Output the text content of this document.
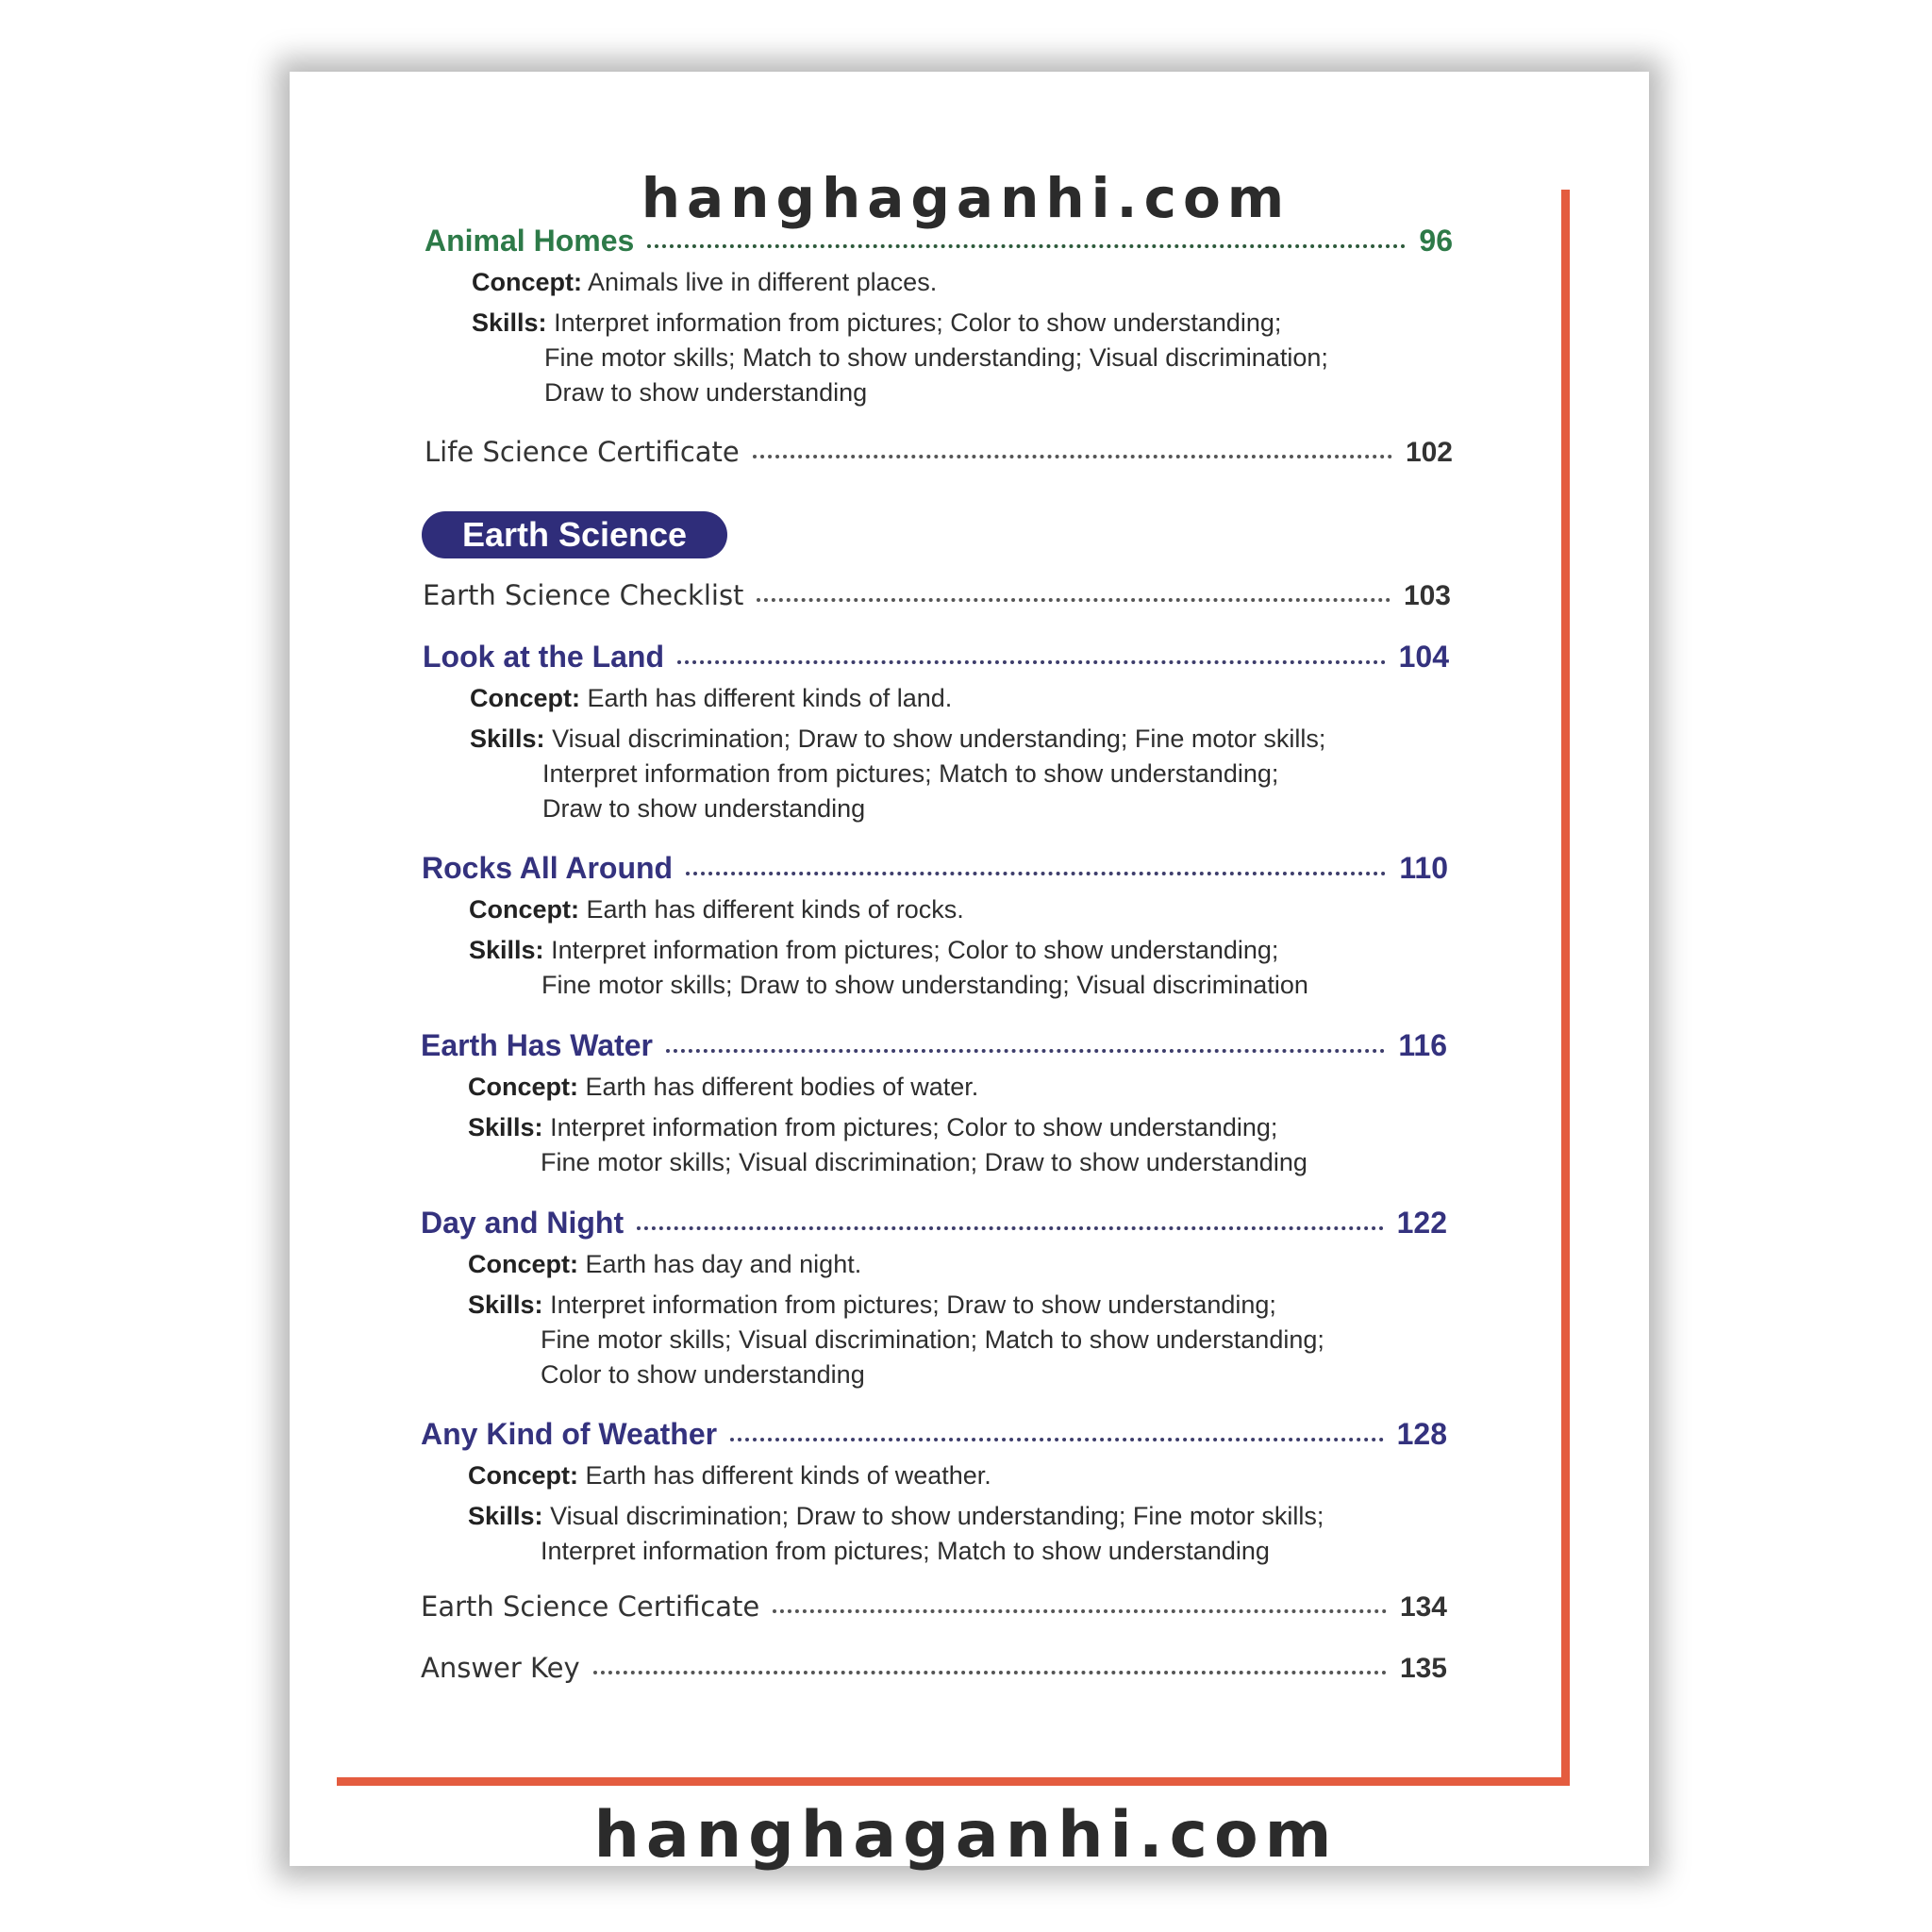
hanghaganhi.com
Animal Homes	96
Concept: Animals live in different places.
Skills: Interpret information from pictures; Color to show understanding;
Fine motor skills; Match to show understanding; Visual discrimination;
Draw to show understanding
Life Science Certificate	102
Earth Science
Earth Science Checklist	103
Look at the Land	104
Concept: Earth has different kinds of land.
Skills: Visual discrimination; Draw to show understanding; Fine motor skills;
Interpret information from pictures; Match to show understanding;
Draw to show understanding
Rocks All Around	110
Concept: Earth has different kinds of rocks.
Skills: Interpret information from pictures; Color to show understanding;
Fine motor skills; Draw to show understanding; Visual discrimination
Earth Has Water	116
Concept: Earth has different bodies of water.
Skills: Interpret information from pictures; Color to show understanding;
Fine motor skills; Visual discrimination; Draw to show understanding
Day and Night	122
Concept: Earth has day and night.
Skills: Interpret information from pictures; Draw to show understanding;
Fine motor skills; Visual discrimination; Match to show understanding;
Color to show understanding
Any Kind of Weather	128
Concept: Earth has different kinds of weather.
Skills: Visual discrimination; Draw to show understanding; Fine motor skills;
Interpret information from pictures; Match to show understanding
Earth Science Certificate	134
Answer Key	135
hanghaganhi.com
